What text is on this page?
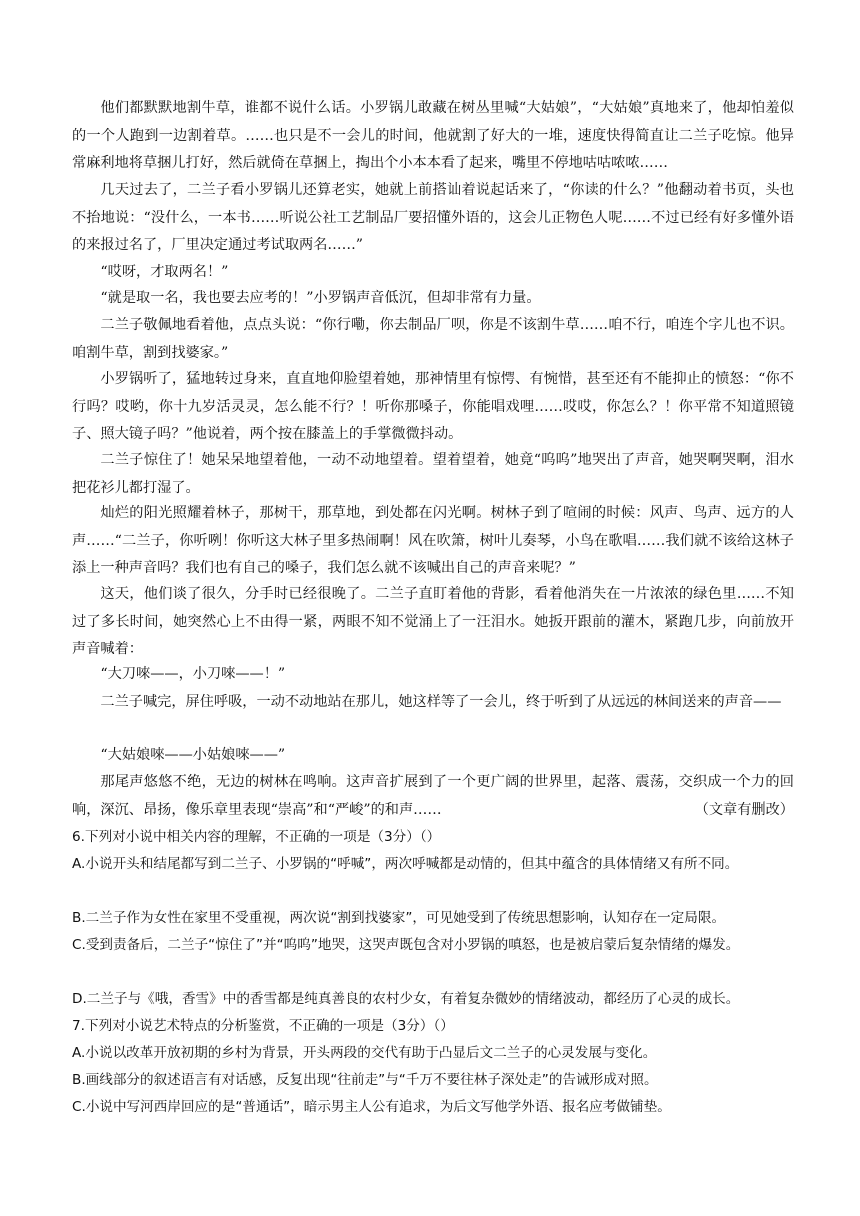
他们都默默地割牛草，谁都不说什么话。小罗锅儿敢藏在树丛里喊“大姑娘”，“大姑娘”真地来了，他却怕羞似的一个人跑到一边割着草。……也只是不一会儿的时间，他就割了好大的一堆，速度快得简直让二兰子吃惊。他异常麻利地将草捆儿打好，然后就倚在草捆上，掏出个小本本看了起来，嘴里不停地咕咕哝哝……

几天过去了，二兰子看小罗锅儿还算老实，她就上前搭讪着说起话来了，“你读的什么？”他翻动着书页，头也不抬地说：“没什么，一本书……听说公社工艺制品厂要招懂外语的，这会儿正物色人呢……不过已经有好多懂外语的来报过名了，厂里决定通过考试取两名……”

“哎呀，才取两名！”

“就是取一名，我也要去应考的！”小罗锅声音低沉，但却非常有力量。

二兰子敬佩地看着他，点点头说：“你行嘞，你去制品厂呗，你是不该割牛草……咱不行，咱连个字儿也不识。咱割牛草，割到找婆家。”

小罗锅听了，猛地转过身来，直直地仰脸望着她，那神情里有惊愕、有惋惜，甚至还有不能抑止的愤怒：“你不行吗？哎哟，你十九岁活灵灵，怎么能不行？！听你那嗓子，你能唱戏哩……哎哎，你怎么？！你平常不知道照镜子、照大镜子吗？”他说着，两个按在膝盖上的手掌微微抖动。

二兰子惊住了！她呆呆地望着他，一动不动地望着。望着望着，她竟“呜呜”地哭出了声音，她哭啊哭啊，泪水把花衫儿都打湿了。

灿烂的阳光照耀着林子，那树干，那草地，到处都在闪光啊。树林子到了喧闹的时候：风声、鸟声、远方的人声……“二兰子，你听咧！你听这大林子里多热闹啊！风在吹箫，树叶儿奏琴，小鸟在歌唱……我们就不该给这林子添上一种声音吗？我们也有自己的嗓子，我们怎么就不该喊出自己的声音来呢？”

这天，他们谈了很久，分手时已经很晚了。二兰子直盯着他的背影，看着他消失在一片浓浓的绿色里……不知过了多长时间，她突然心上不由得一紧，两眼不知不觉涌上了一汪泪水。她扳开跟前的灌木，紧跑几步，向前放开声音喊着：

“大刀唻——，小刀唻——！”

二兰子喊完，屏住呼吸，一动不动地站在那儿，她这样等了一会儿，终于听到了从远远的林间送来的声音——

“大姑娘唻——小姑娘唻——”

那尾声悠悠不绝，无边的树林在鸣响。这声音扩展到了一个更广阔的世界里，起落、震荡，交织成一个力的回响，深沉、昂扬，像乐章里表现“崇高”和“严峻”的和声……	（文章有删改）

6.下列对小说中相关内容的理解，不正确的一项是（3分）（）

A.小说开头和结尾都写到二兰子、小罗锅的“呼喊”，两次呼喊都是动情的，但其中蕴含的具体情绪又有所不同。

B.二兰子作为女性在家里不受重视，两次说“割到找婆家”，可见她受到了传统思想影响，认知存在一定局限。

C.受到责备后，二兰子“惊住了”并“呜呜”地哭，这哭声既包含对小罗锅的嗔怒，也是被启蒙后复杂情绪的爆发。

D.二兰子与《哦，香雪》中的香雪都是纯真善良的农村少女，有着复杂微妙的情绪波动，都经历了心灵的成长。

7.下列对小说艺术特点的分析鉴赏，不正确的一项是（3分）（）

A.小说以改革开放初期的乡村为背景，开头两段的交代有助于凸显后文二兰子的心灵发展与变化。

B.画线部分的叙述语言有对话感，反复出现“往前走”与“千万不要往林子深处走”的告诫形成对照。

C.小说中写河西岸回应的是“普通话”，暗示男主人公有追求，为后文写他学外语、报名应考做铺垫。
